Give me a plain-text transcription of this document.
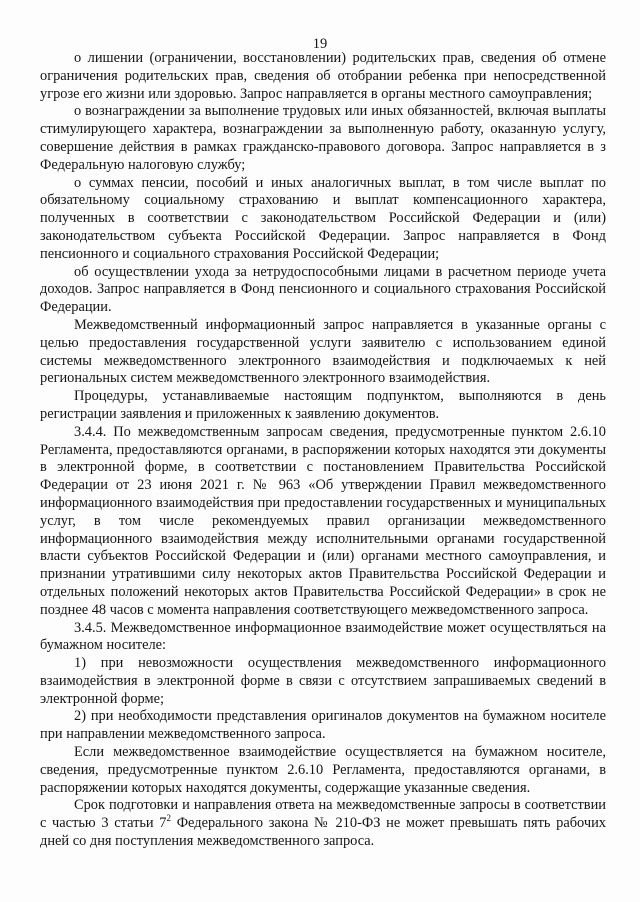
19

о лишении (ограничении, восстановлении) родительских прав, сведения об отмене ограничения родительских прав, сведения об отобрании ребенка при непосредственной угрозе его жизни или здоровью. Запрос направляется в органы местного самоуправления;

о вознаграждении за выполнение трудовых или иных обязанностей, включая выплаты стимулирующего характера, вознаграждении за выполненную работу, оказанную услугу, совершение действия в рамках гражданско-правового договора. Запрос направляется в з Федеральную налоговую службу;

о суммах пенсии, пособий и иных аналогичных выплат, в том числе выплат по обязательному социальному страхованию и выплат компенсационного характера, полученных в соответствии с законодательством Российской Федерации и (или) законодательством субъекта Российской Федерации. Запрос направляется в Фонд пенсионного и социального страхования Российской Федерации;

об осуществлении ухода за нетрудоспособными лицами в расчетном периоде учета доходов. Запрос направляется в Фонд пенсионного и социального страхования Российской Федерации.

Межведомственный информационный запрос направляется в указанные органы с целью предоставления государственной услуги заявителю с использованием единой системы межведомственного электронного взаимодействия и подключаемых к ней региональных систем межведомственного электронного взаимодействия.

Процедуры, устанавливаемые настоящим подпунктом, выполняются в день регистрации заявления и приложенных к заявлению документов.

3.4.4. По межведомственным запросам сведения, предусмотренные пунктом 2.6.10 Регламента, предоставляются органами, в распоряжении которых находятся эти документы в электронной форме, в соответствии с постановлением Правительства Российской Федерации от 23 июня 2021 г. № 963 «Об утверждении Правил межведомственного информационного взаимодействия при предоставлении государственных и муниципальных услуг, в том числе рекомендуемых правил организации межведомственного информационного взаимодействия между исполнительными органами государственной власти субъектов Российской Федерации и (или) органами местного самоуправления, и признании утратившими силу некоторых актов Правительства Российской Федерации и отдельных положений некоторых актов Правительства Российской Федерации» в срок не позднее 48 часов с момента направления соответствующего межведомственного запроса.

3.4.5. Межведомственное информационное взаимодействие может осуществляться на бумажном носителе:

1) при невозможности осуществления межведомственного информационного взаимодействия в электронной форме в связи с отсутствием запрашиваемых сведений в электронной форме;

2) при необходимости представления оригиналов документов на бумажном носителе при направлении межведомственного запроса.

Если межведомственное взаимодействие осуществляется на бумажном носителе, сведения, предусмотренные пунктом 2.6.10 Регламента, предоставляются органами, в распоряжении которых находятся документы, содержащие указанные сведения.

Срок подготовки и направления ответа на межведомственные запросы в соответствии с частью 3 статьи $7^2$ Федерального закона № 210-ФЗ не может превышать пять рабочих дней со дня поступления межведомственного запроса.
